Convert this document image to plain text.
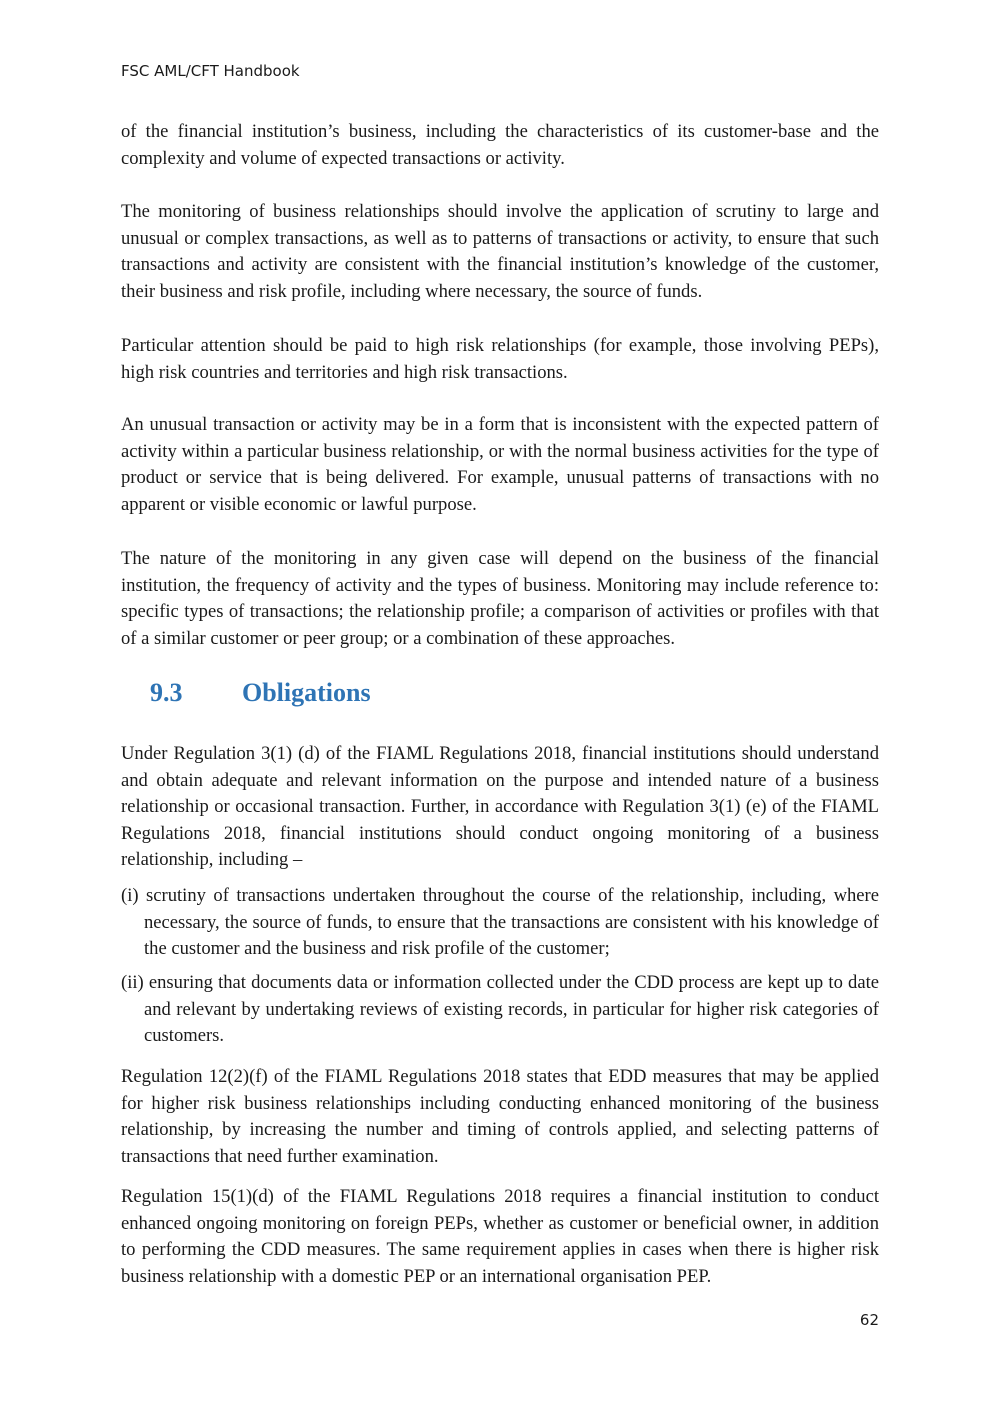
FSC AML/CFT Handbook

of the financial institution’s business, including the characteristics of its customer-base and the complexity and volume of expected transactions or activity.

The monitoring of business relationships should involve the application of scrutiny to large and unusual or complex transactions, as well as to patterns of transactions or activity, to ensure that such transactions and activity are consistent with the financial institution’s knowledge of the customer, their business and risk profile, including where necessary, the source of funds.

Particular attention should be paid to high risk relationships (for example, those involving PEPs), high risk countries and territories and high risk transactions.

An unusual transaction or activity may be in a form that is inconsistent with the expected pattern of activity within a particular business relationship, or with the normal business activities for the type of product or service that is being delivered. For example, unusual patterns of transactions with no apparent or visible economic or lawful purpose.

The nature of the monitoring in any given case will depend on the business of the financial institution, the frequency of activity and the types of business. Monitoring may include reference to: specific types of transactions; the relationship profile; a comparison of activities or profiles with that of a similar customer or peer group; or a combination of these approaches.

9.3 Obligations

Under Regulation 3(1) (d) of the FIAML Regulations 2018, financial institutions should understand and obtain adequate and relevant information on the purpose and intended nature of a business relationship or occasional transaction. Further, in accordance with Regulation 3(1) (e) of the FIAML Regulations 2018, financial institutions should conduct ongoing monitoring of a business relationship, including –

(i) scrutiny of transactions undertaken throughout the course of the relationship, including, where necessary, the source of funds, to ensure that the transactions are consistent with his knowledge of the customer and the business and risk profile of the customer;

(ii) ensuring that documents data or information collected under the CDD process are kept up to date and relevant by undertaking reviews of existing records, in particular for higher risk categories of customers.

Regulation 12(2)(f) of the FIAML Regulations 2018 states that EDD measures that may be applied for higher risk business relationships including conducting enhanced monitoring of the business relationship, by increasing the number and timing of controls applied, and selecting patterns of transactions that need further examination.

Regulation 15(1)(d) of the FIAML Regulations 2018 requires a financial institution to conduct enhanced ongoing monitoring on foreign PEPs, whether as customer or beneficial owner, in addition to performing the CDD measures. The same requirement applies in cases when there is higher risk business relationship with a domestic PEP or an international organisation PEP.

62
